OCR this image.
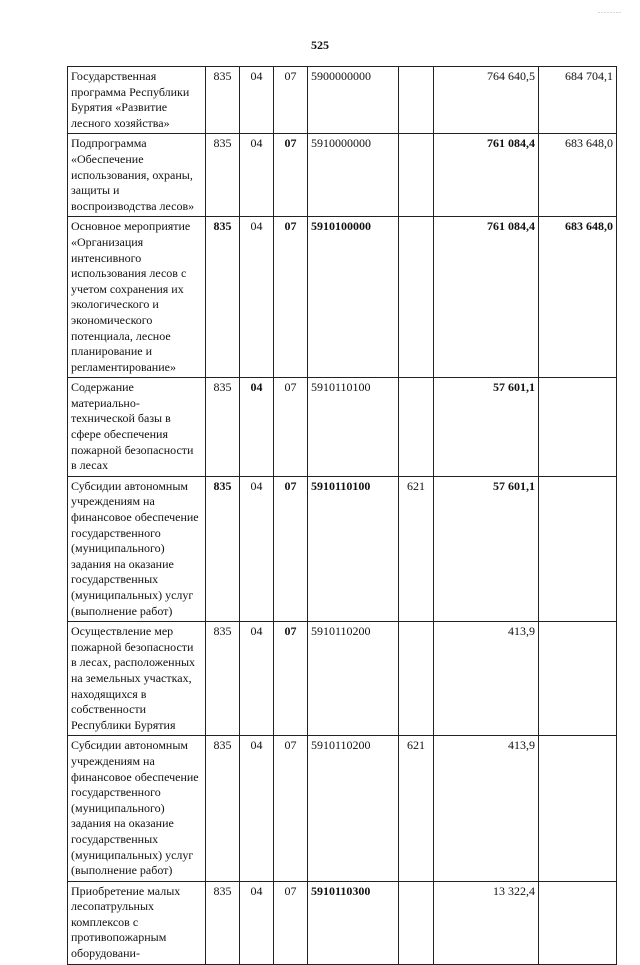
525
........
Государственная программа Республики Бурятия «Развитие лесного хозяйства»	835	04	07	5900000000		764 640,5	684 704,1
Подпрограмма «Обеспечение использования, охраны, защиты и воспроизводства лесов»	835	04	07	5910000000		761 084,4	683 648,0
Основное мероприятие «Организация интенсивного использования лесов с учетом сохранения их экологического и экономического потенциала, лесное планирование и регламентирование»	835	04	07	5910100000		761 084,4	683 648,0
Содержание материально-технической базы в сфере обеспечения пожарной безопасности в лесах	835	04	07	5910110100		57 601,1	
Субсидии автономным учреждениям на финансовое обеспечение государственного (муниципального) задания на оказание государственных (муниципальных) услуг (выполнение работ)	835	04	07	5910110100	621	57 601,1	
Осуществление мер пожарной безопасности в лесах, расположенных на земельных участках, находящихся в собственности Республики Бурятия	835	04	07	5910110200		413,9	
Субсидии автономным учреждениям на финансовое обеспечение государственного (муниципального) задания на оказание государственных (муниципальных) услуг (выполнение работ)	835	04	07	5910110200	621	413,9	
Приобретение малых лесопатрульных комплексов с противопожарным оборудовани-	835	04	07	5910110300		13 322,4	
